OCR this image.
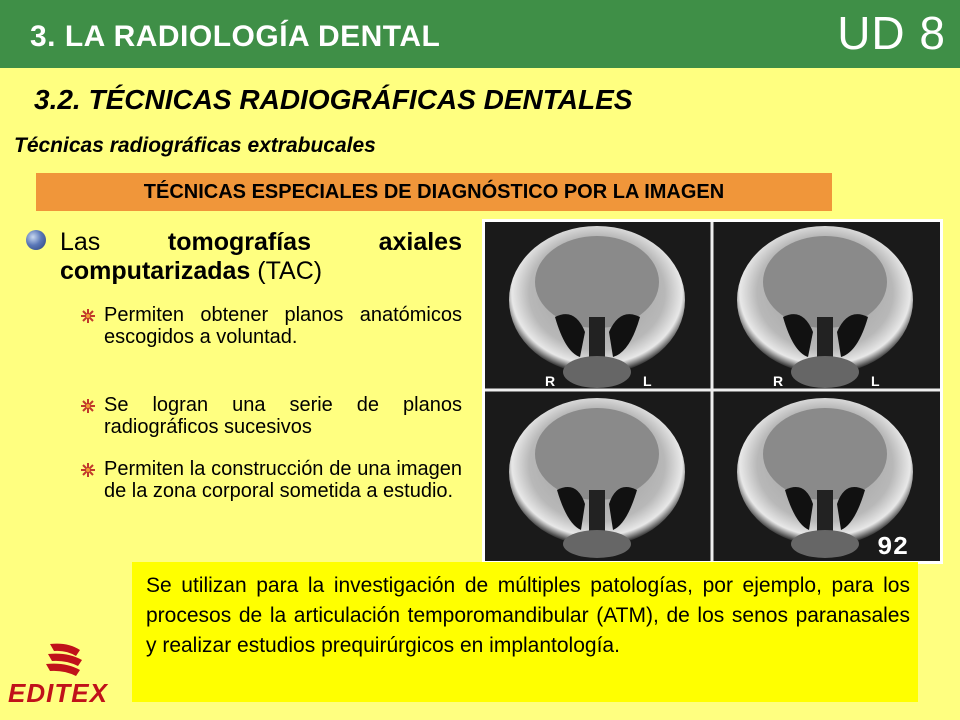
3. LA RADIOLOGÍA DENTAL	UD 8
3.2. TÉCNICAS RADIOGRÁFICAS DENTALES
Técnicas radiográficas extrabucales
TÉCNICAS ESPECIALES DE DIAGNÓSTICO POR LA IMAGEN
Las tomografías axiales computarizadas (TAC)
Permiten obtener planos anatómicos escogidos a voluntad.
Se logran una serie de planos radiográficos sucesivos
Permiten la construcción de una imagen de la zona corporal sometida a estudio.
R	L	R	L
92
Se utilizan para la investigación de múltiples patologías, por ejemplo, para los procesos de la articulación temporomandibular (ATM), de los senos paranasales y realizar estudios prequirúrgicos en implantología.
EDITEX
